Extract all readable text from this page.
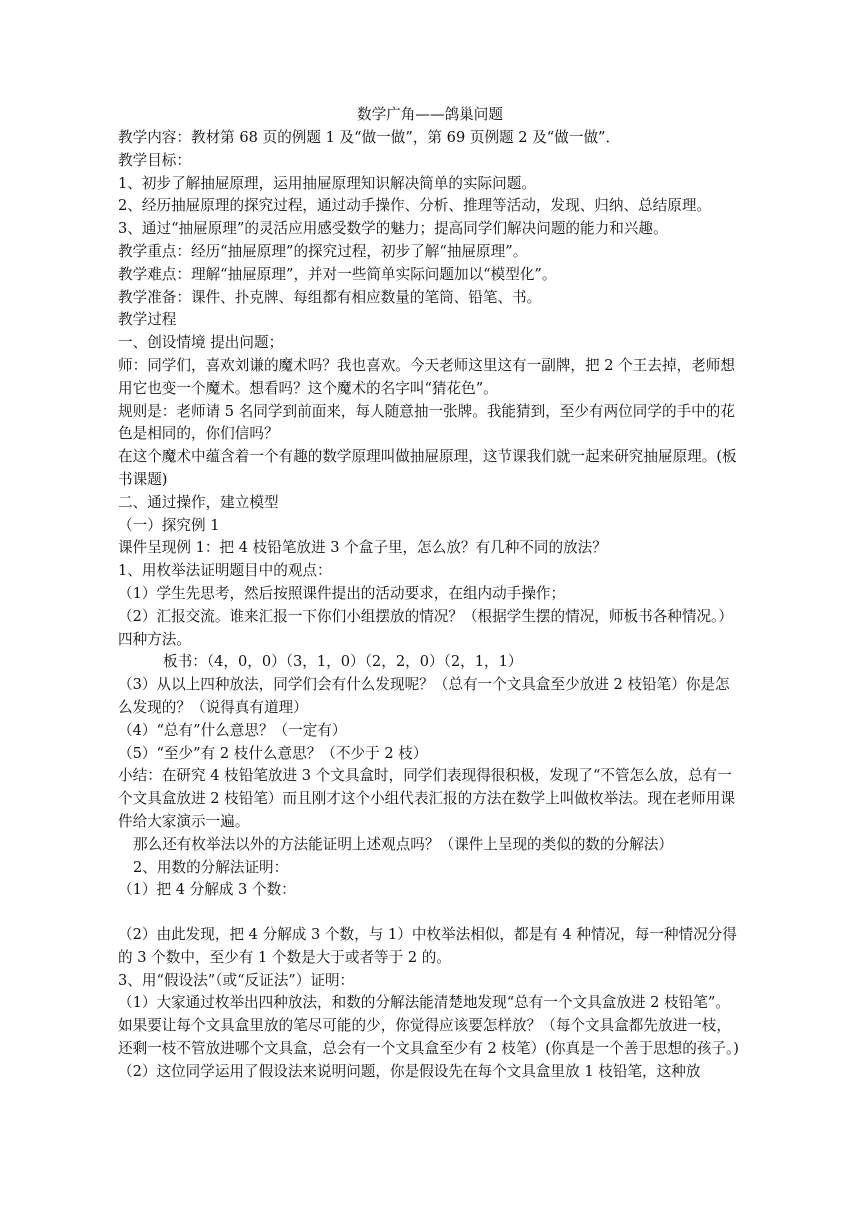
数学广角——鸽巢问题

教学内容：教材第 68 页的例题 1 及“做一做”，第 69 页例题 2 及“做一做”．

教学目标：

1、初步了解抽屉原理，运用抽屉原理知识解决简单的实际问题。

2、经历抽屉原理的探究过程，通过动手操作、分析、推理等活动，发现、归纳、总结原理。

3、通过“抽屉原理”的灵活应用感受数学的魅力；提高同学们解决问题的能力和兴趣。

教学重点：经历“抽屉原理”的探究过程，初步了解“抽屉原理”。

教学难点：理解“抽屉原理”，并对一些简单实际问题加以“模型化”。

教学准备：课件、扑克牌、每组都有相应数量的笔筒、铅笔、书。

教学过程

一、创设情境 提出问题；

师：同学们，喜欢刘谦的魔术吗？我也喜欢。今天老师这里这有一副牌，把 2 个王去掉，老师想用它也变一个魔术。想看吗？这个魔术的名字叫“猜花色”。

规则是：老师请 5 名同学到前面来，每人随意抽一张牌。我能猜到，至少有两位同学的手中的花色是相同的，你们信吗？

在这个魔术中蕴含着一个有趣的数学原理叫做抽屉原理，这节课我们就一起来研究抽屉原理。(板书课题)

二、通过操作，建立模型

（一）探究例 1

课件呈现例 1：把 4 枝铅笔放进 3 个盒子里，怎么放？有几种不同的放法？

1、用枚举法证明题目中的观点：

（1）学生先思考，然后按照课件提出的活动要求，在组内动手操作；

（2）汇报交流。谁来汇报一下你们小组摆放的情况？（根据学生摆的情况，师板书各种情况。）四种方法。

板书：（4，0，0）（3，1，0）（2，2，0）（2，1，1）

（3）从以上四种放法，同学们会有什么发现呢？（总有一个文具盒至少放进 2 枝铅笔）你是怎么发现的？（说得真有道理）

（4）“总有”什么意思？（一定有）

（5）“至少”有 2 枝什么意思？（不少于 2 枝）

小结：在研究 4 枝铅笔放进 3 个文具盒时，同学们表现得很积极，发现了“不管怎么放，总有一个文具盒放进 2 枝铅笔）而且刚才这个小组代表汇报的方法在数学上叫做枚举法。现在老师用课件给大家演示一遍。

那么还有枚举法以外的方法能证明上述观点吗？（课件上呈现的类似的数的分解法）

2、用数的分解法证明：

（1）把 4 分解成 3 个数：

（2）由此发现，把 4 分解成 3 个数，与 1）中枚举法相似，都是有 4 种情况，每一种情况分得的 3 个数中，至少有 1 个数是大于或者等于 2 的。

3、用“假设法”（或“反证法”）证明：

（1）大家通过枚举出四种放法，和数的分解法能清楚地发现“总有一个文具盒放进 2 枝铅笔”。如果要让每个文具盒里放的笔尽可能的少，你觉得应该要怎样放？（每个文具盒都先放进一枝，还剩一枝不管放进哪个文具盒，总会有一个文具盒至少有 2 枝笔）(你真是一个善于思想的孩子。)

（2）这位同学运用了假设法来说明问题，你是假设先在每个文具盒里放 1 枝铅笔，这种放
